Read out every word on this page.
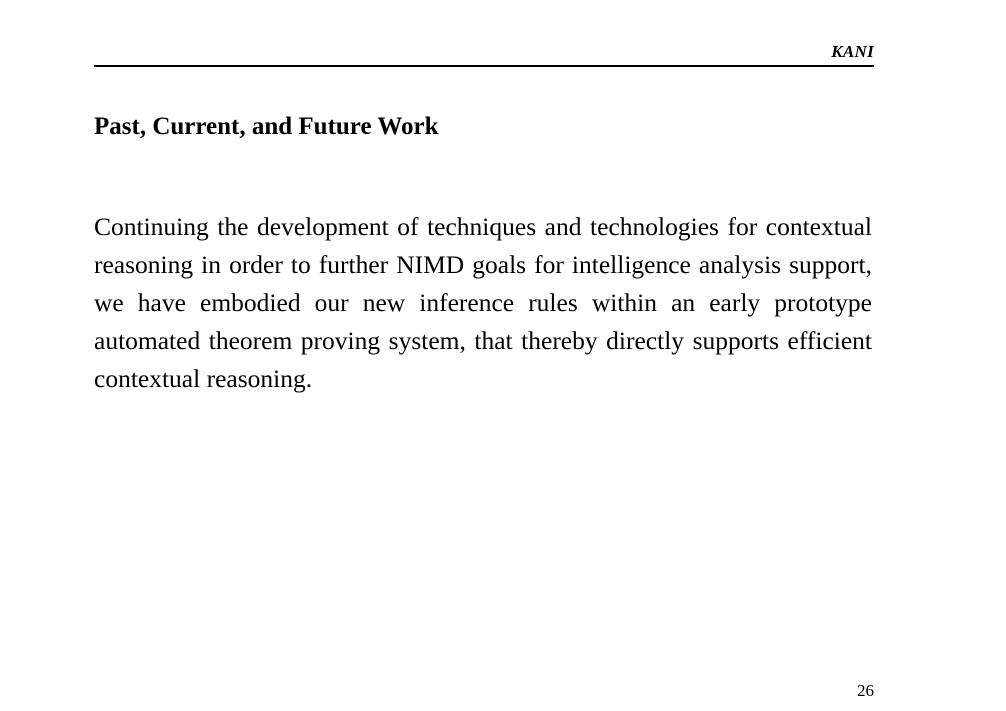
KANI
Past, Current, and Future Work

Continuing the development of techniques and technologies for contextual reasoning in order to further NIMD goals for intelligence analysis support, we have embodied our new inference rules within an early prototype automated theorem proving system, that thereby directly supports efficient contextual reasoning.

26
